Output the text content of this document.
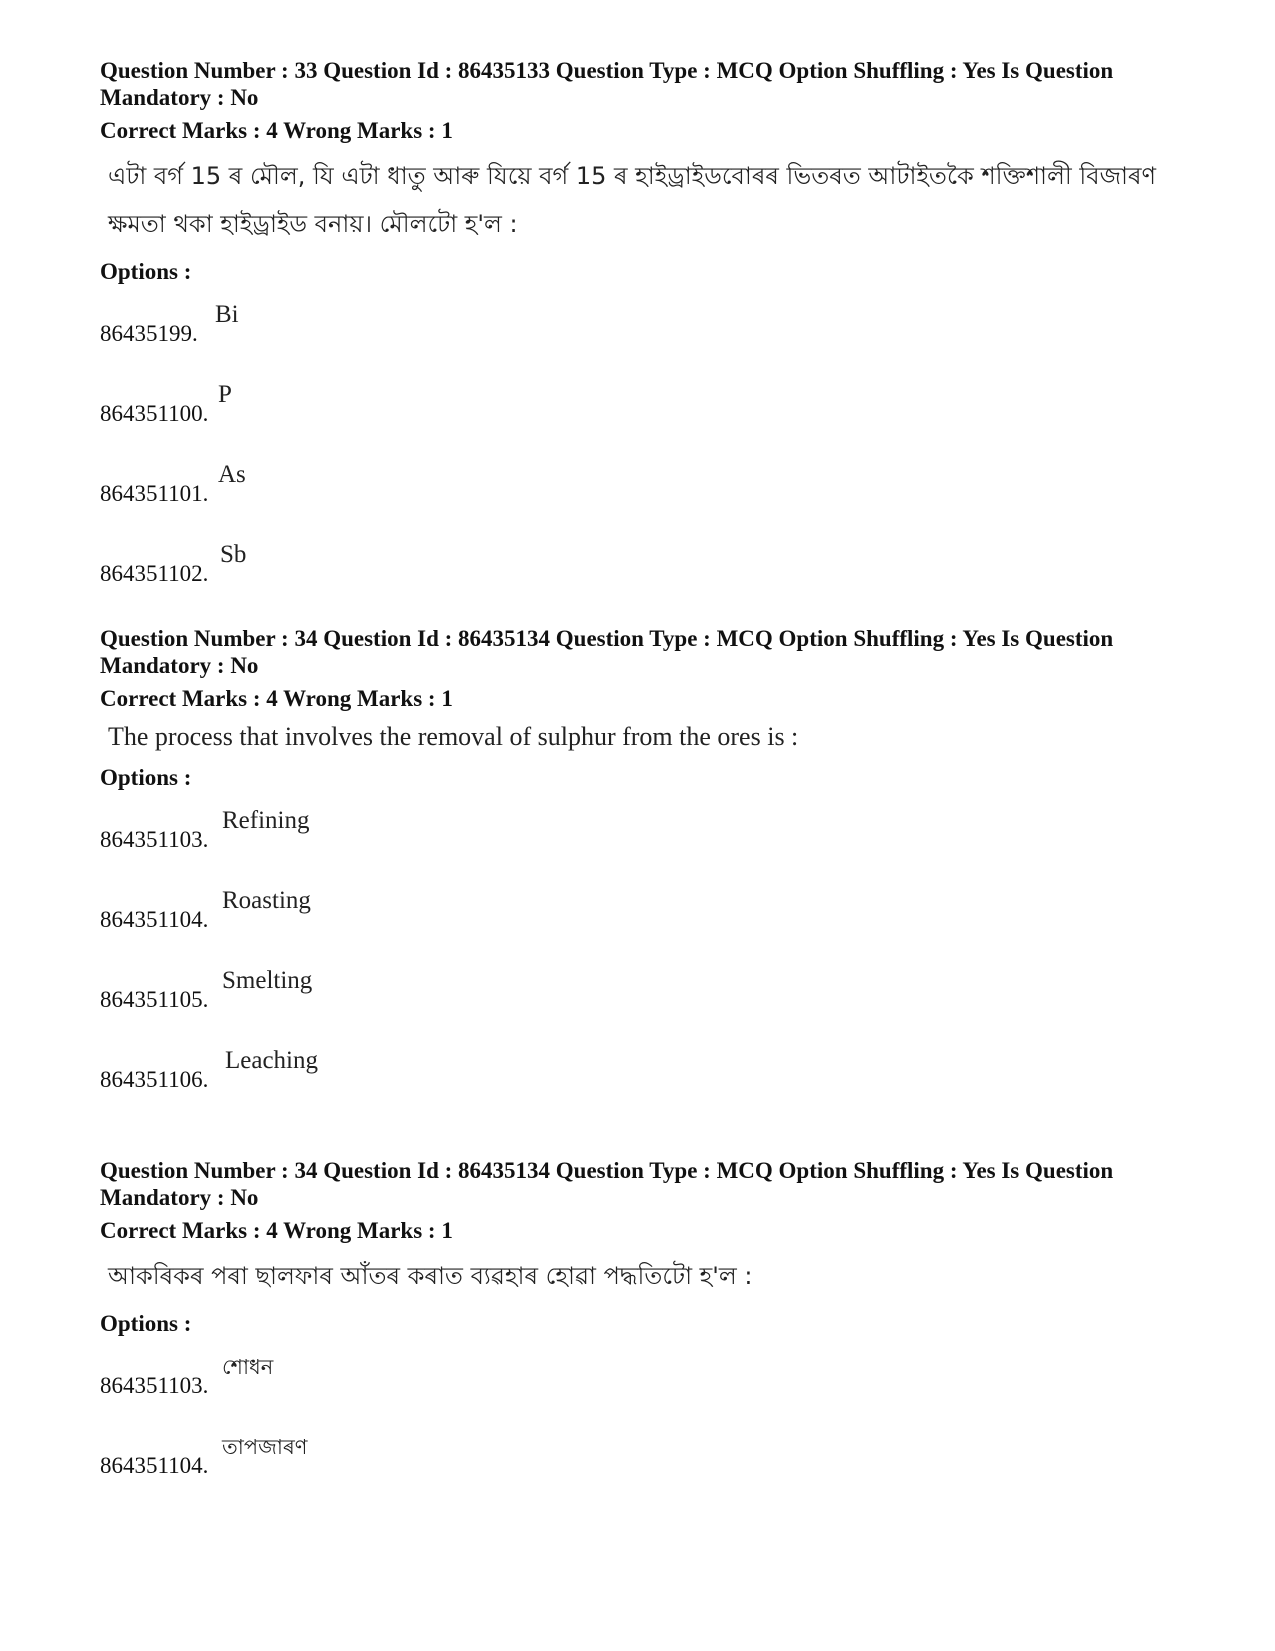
Question Number : 33 Question Id : 86435133 Question Type : MCQ Option Shuffling : Yes Is Question Mandatory : No

Correct Marks : 4 Wrong Marks : 1

এটা বৰ্গ 15 ৰ মৌল, যি এটা ধাতু আৰু যিয়ে বৰ্গ 15 ৰ হাইড্ৰাইডবোৰৰ ভিতৰত আটাইতকৈ শক্তিশালী বিজাৰণ ক্ষমতা থকা হাইড্ৰাইড বনায়। মৌলটো হ'ল :

Options :

86435199.
Bi
864351100.
P
864351101.
As
864351102.
Sb

Question Number : 34 Question Id : 86435134 Question Type : MCQ Option Shuffling : Yes Is Question Mandatory : No

Correct Marks : 4 Wrong Marks : 1

The process that involves the removal of sulphur from the ores is :

Options :

864351103.
Refining
864351104.
Roasting
864351105.
Smelting
864351106.
Leaching

Question Number : 34 Question Id : 86435134 Question Type : MCQ Option Shuffling : Yes Is Question Mandatory : No

Correct Marks : 4 Wrong Marks : 1

আকৰিকৰ পৰা ছালফাৰ আঁতৰ কৰাত ব্যৱহাৰ হোৱা পদ্ধতিটো হ'ল :

Options :

864351103.
শোধন
864351104.
তাপজাৰণ
